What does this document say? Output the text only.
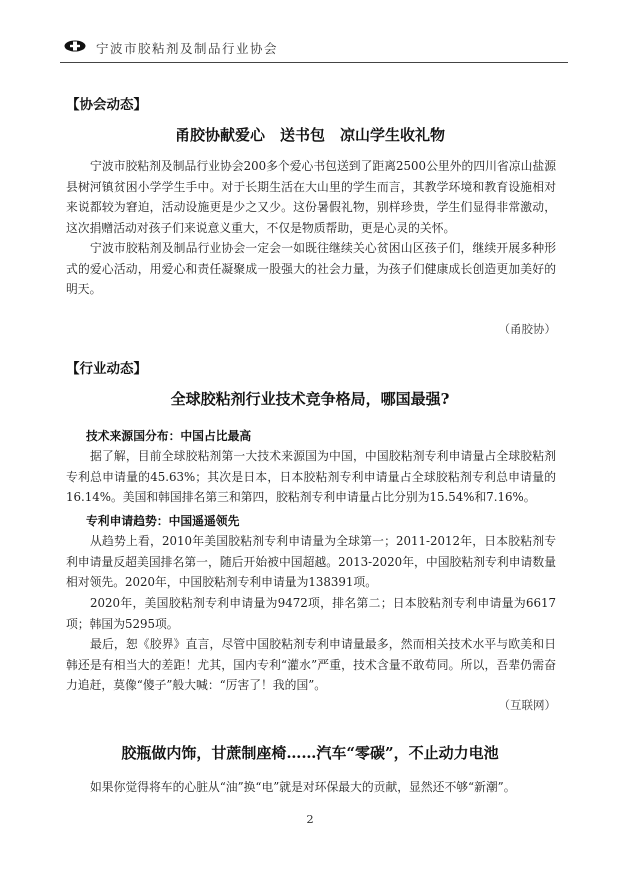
宁波市胶粘剂及制品行业协会
【协会动态】
甬胶协献爱心　送书包　凉山学生收礼物

宁波市胶粘剂及制品行业协会200多个爱心书包送到了距离2500公里外的四川省凉山盐源县树河镇贫困小学学生手中。对于长期生活在大山里的学生而言，其教学环境和教育设施相对来说都较为窘迫，活动设施更是少之又少。这份暑假礼物，别样珍贵，学生们显得非常激动，这次捐赠活动对孩子们来说意义重大，不仅是物质帮助，更是心灵的关怀。

宁波市胶粘剂及制品行业协会一定会一如既往继续关心贫困山区孩子们，继续开展多种形式的爱心活动，用爱心和责任凝聚成一股强大的社会力量，为孩子们健康成长创造更加美好的明天。

（甬胶协）
【行业动态】
全球胶粘剂行业技术竞争格局，哪国最强?
技术来源国分布：中国占比最高

据了解，目前全球胶粘剂第一大技术来源国为中国，中国胶粘剂专利申请量占全球胶粘剂专利总申请量的45.63%；其次是日本，日本胶粘剂专利申请量占全球胶粘剂专利总申请量的16.14%。美国和韩国排名第三和第四，胶粘剂专利申请量占比分别为15.54%和7.16%。

专利申请趋势：中国遥遥领先

从趋势上看，2010年美国胶粘剂专利申请量为全球第一；2011-2012年，日本胶粘剂专利申请量反超美国排名第一，随后开始被中国超越。2013-2020年，中国胶粘剂专利申请数量相对领先。2020年，中国胶粘剂专利申请量为138391项。

2020年，美国胶粘剂专利申请量为9472项，排名第二；日本胶粘剂专利申请量为6617项；韩国为5295项。

最后，恕《胶界》直言，尽管中国胶粘剂专利申请量最多，然而相关技术水平与欧美和日韩还是有相当大的差距！尤其，国内专利“灌水”严重，技术含量不敢苟同。所以，吾辈仍需奋力追赶，莫像“傻子”般大喊：“厉害了！我的国”。

（互联网）
胶瓶做内饰，甘蔗制座椅……汽车“零碳”，不止动力电池

如果你觉得将车的心脏从“油”换“电”就是对环保最大的贡献，显然还不够“新潮”。

2
